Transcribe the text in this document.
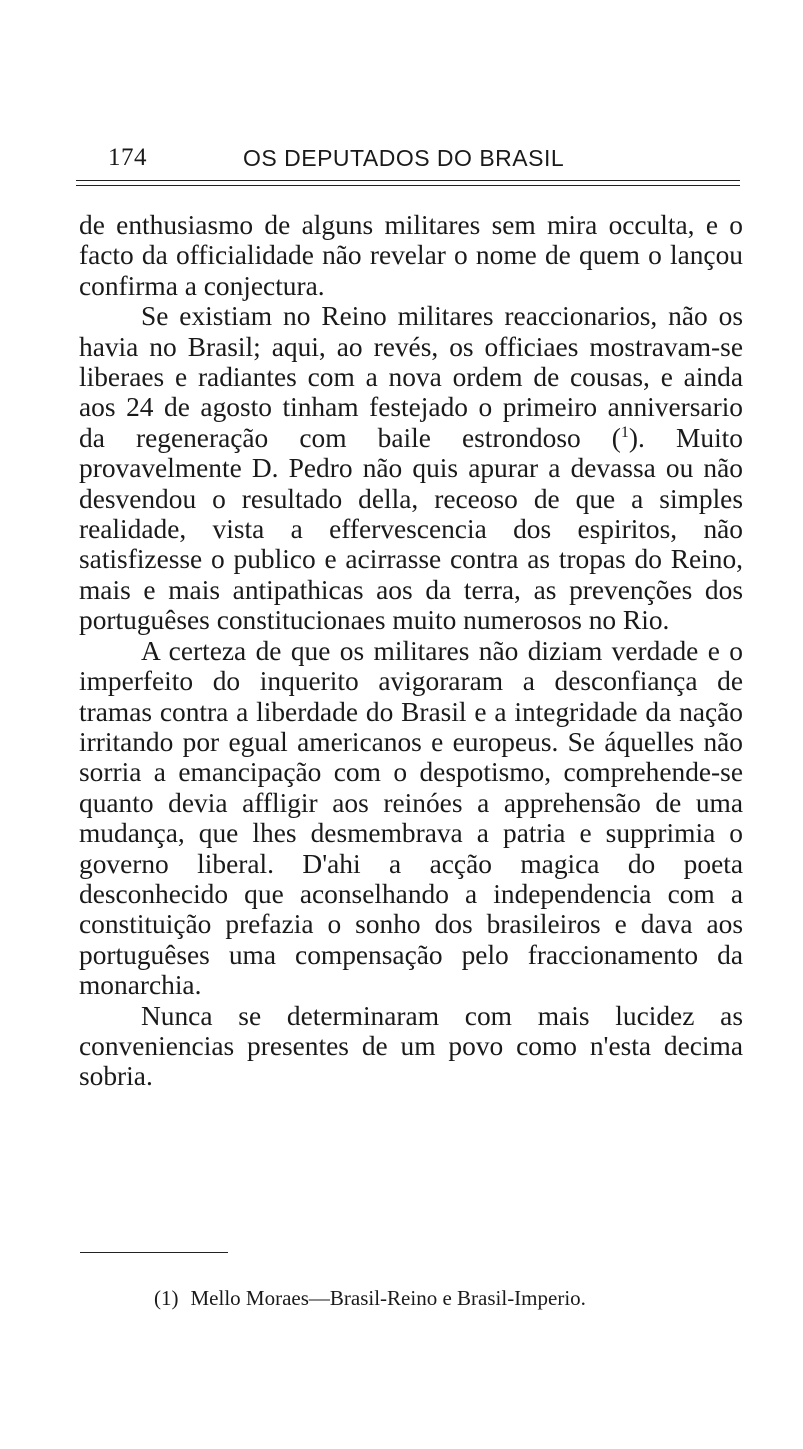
174	OS DEPUTADOS DO BRASIL

de enthusiasmo de alguns militares sem mira occulta, e o facto da officialidade não revelar o nome de quem o lançou confirma a conjectura.

Se existiam no Reino militares reaccionarios, não os havia no Brasil; aqui, ao revés, os officiaes mostravam-se liberaes e radiantes com a nova ordem de cousas, e ainda aos 24 de agosto tinham festejado o primeiro anniversario da regeneração com baile estrondoso ($^1$). Muito provavelmente D. Pedro não quis apurar a devassa ou não desvendou o resultado della, receoso de que a simples realidade, vista a effervescencia dos espiritos, não satisfizesse o publico e acirrasse contra as tropas do Reino, mais e mais antipathicas aos da terra, as prevenções dos portuguêses constitucionaes muito numerosos no Rio.

A certeza de que os militares não diziam verdade e o imperfeito do inquerito avigoraram a desconfiança de tramas contra a liberdade do Brasil e a integridade da nação irritando por egual americanos e europeus. Se áquelles não sorria a emancipação com o despotismo, comprehende-se quanto devia affligir aos reinóes a apprehensão de uma mudança, que lhes desmembrava a patria e supprimia o governo liberal. D'ahi a acção magica do poeta desconhecido que aconselhando a independencia com a constituição prefazia o sonho dos brasileiros e dava aos portuguêses uma compensação pelo fraccionamento da monarchia.

Nunca se determinaram com mais lucidez as conveniencias presentes de um povo como n'esta decima sobria.

(1) Mello Moraes—Brasil-Reino e Brasil-Imperio.
